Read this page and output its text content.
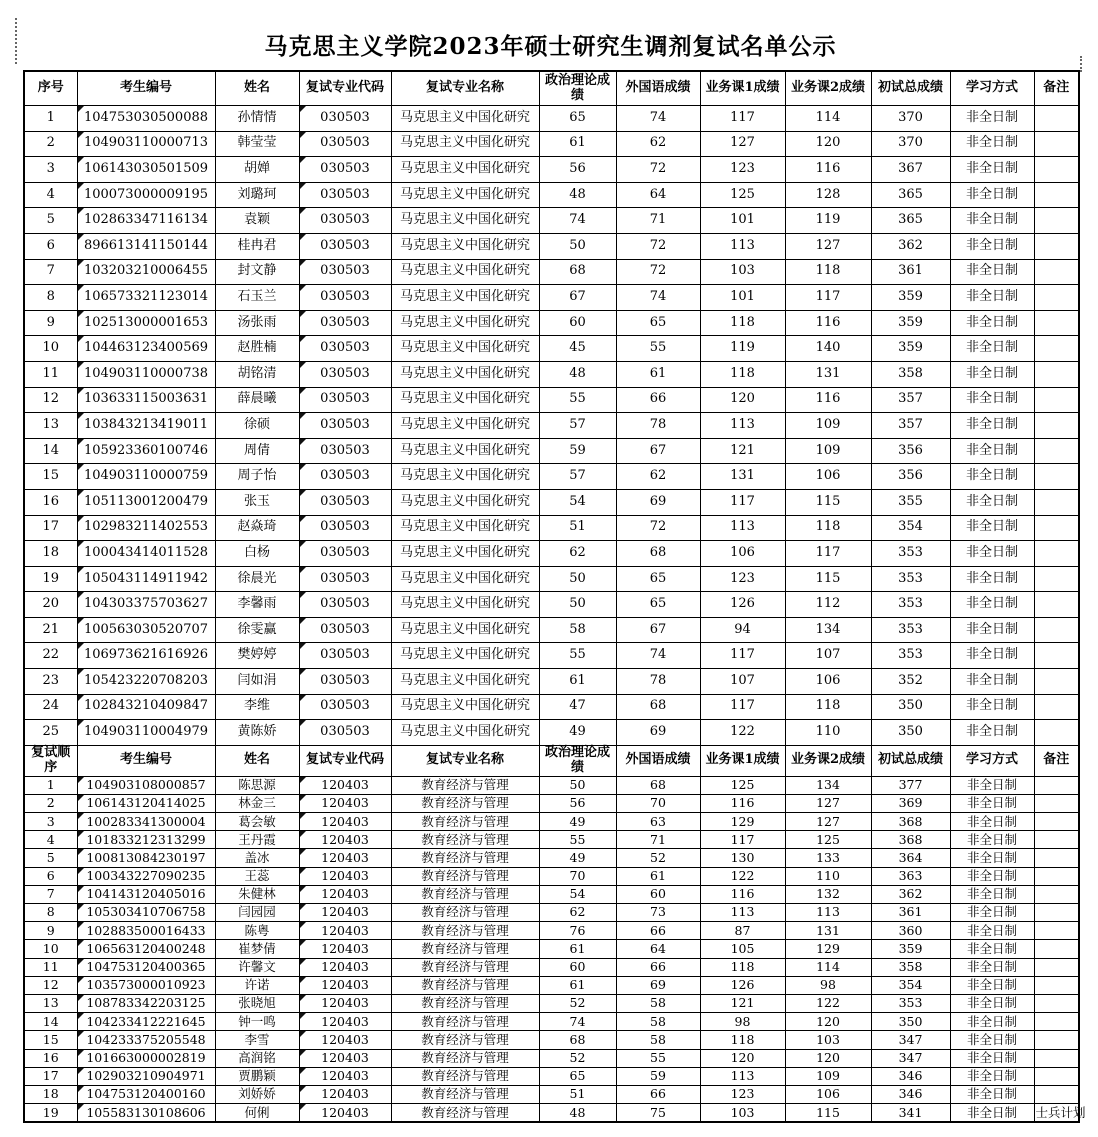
马克思主义学院2023年硕士研究生调剂复试名单公示
序号	考生编号	姓名	复试专业代码	复试专业名称	政治理论成绩	外国语成绩	业务课1成绩	业务课2成绩	初试总成绩	学习方式	备注
1	104753030500088	孙情情	030503	马克思主义中国化研究	65	74	117	114	370	非全日制	
2	104903110000713	韩莹莹	030503	马克思主义中国化研究	61	62	127	120	370	非全日制	
3	106143030501509	胡婵	030503	马克思主义中国化研究	56	72	123	116	367	非全日制	
4	100073000009195	刘璐珂	030503	马克思主义中国化研究	48	64	125	128	365	非全日制	
5	102863347116134	袁颖	030503	马克思主义中国化研究	74	71	101	119	365	非全日制	
6	896613141150144	桂冉君	030503	马克思主义中国化研究	50	72	113	127	362	非全日制	
7	103203210006455	封文静	030503	马克思主义中国化研究	68	72	103	118	361	非全日制	
8	106573321123014	石玉兰	030503	马克思主义中国化研究	67	74	101	117	359	非全日制	
9	102513000001653	汤张雨	030503	马克思主义中国化研究	60	65	118	116	359	非全日制	
10	104463123400569	赵胜楠	030503	马克思主义中国化研究	45	55	119	140	359	非全日制	
11	104903110000738	胡铭清	030503	马克思主义中国化研究	48	61	118	131	358	非全日制	
12	103633115003631	薛晨曦	030503	马克思主义中国化研究	55	66	120	116	357	非全日制	
13	103843213419011	徐硕	030503	马克思主义中国化研究	57	78	113	109	357	非全日制	
14	105923360100746	周倩	030503	马克思主义中国化研究	59	67	121	109	356	非全日制	
15	104903110000759	周子怡	030503	马克思主义中国化研究	57	62	131	106	356	非全日制	
16	105113001200479	张玉	030503	马克思主义中国化研究	54	69	117	115	355	非全日制	
17	102983211402553	赵焱琦	030503	马克思主义中国化研究	51	72	113	118	354	非全日制	
18	100043414011528	白杨	030503	马克思主义中国化研究	62	68	106	117	353	非全日制	
19	105043114911942	徐晨光	030503	马克思主义中国化研究	50	65	123	115	353	非全日制	
20	104303375703627	李馨雨	030503	马克思主义中国化研究	50	65	126	112	353	非全日制	
21	100563030520707	徐雯赢	030503	马克思主义中国化研究	58	67	94	134	353	非全日制	
22	106973621616926	樊婷婷	030503	马克思主义中国化研究	55	74	117	107	353	非全日制	
23	105423220708203	闫如涓	030503	马克思主义中国化研究	61	78	107	106	352	非全日制	
24	102843210409847	李维	030503	马克思主义中国化研究	47	68	117	118	350	非全日制	
25	104903110004979	黄陈娇	030503	马克思主义中国化研究	49	69	122	110	350	非全日制	
复试顺序	考生编号	姓名	复试专业代码	复试专业名称	政治理论成绩	外国语成绩	业务课1成绩	业务课2成绩	初试总成绩	学习方式	备注
1	104903108000857	陈思源	120403	教育经济与管理	50	68	125	134	377	非全日制	
2	106143120414025	林金三	120403	教育经济与管理	56	70	116	127	369	非全日制	
3	100283341300004	葛会敏	120403	教育经济与管理	49	63	129	127	368	非全日制	
4	101833212313299	王丹霞	120403	教育经济与管理	55	71	117	125	368	非全日制	
5	100813084230197	盖冰	120403	教育经济与管理	49	52	130	133	364	非全日制	
6	100343227090235	王蕊	120403	教育经济与管理	70	61	122	110	363	非全日制	
7	104143120405016	朱健林	120403	教育经济与管理	54	60	116	132	362	非全日制	
8	105303410706758	闫园园	120403	教育经济与管理	62	73	113	113	361	非全日制	
9	102883500016433	陈粤	120403	教育经济与管理	76	66	87	131	360	非全日制	
10	106563120400248	崔梦倩	120403	教育经济与管理	61	64	105	129	359	非全日制	
11	104753120400365	许馨文	120403	教育经济与管理	60	66	118	114	358	非全日制	
12	103573000010923	许诺	120403	教育经济与管理	61	69	126	98	354	非全日制	
13	108783342203125	张晓旭	120403	教育经济与管理	52	58	121	122	353	非全日制	
14	104233412221645	钟一鸣	120403	教育经济与管理	74	58	98	120	350	非全日制	
15	104233375205548	李雪	120403	教育经济与管理	68	58	118	103	347	非全日制	
16	101663000002819	高润铭	120403	教育经济与管理	52	55	120	120	347	非全日制	
17	102903210904971	贾鹏颖	120403	教育经济与管理	65	59	113	109	346	非全日制	
18	104753120400160	刘娇娇	120403	教育经济与管理	51	66	123	106	346	非全日制	
19	105583130108606	何俐	120403	教育经济与管理	48	75	103	115	341	非全日制	士兵计划
